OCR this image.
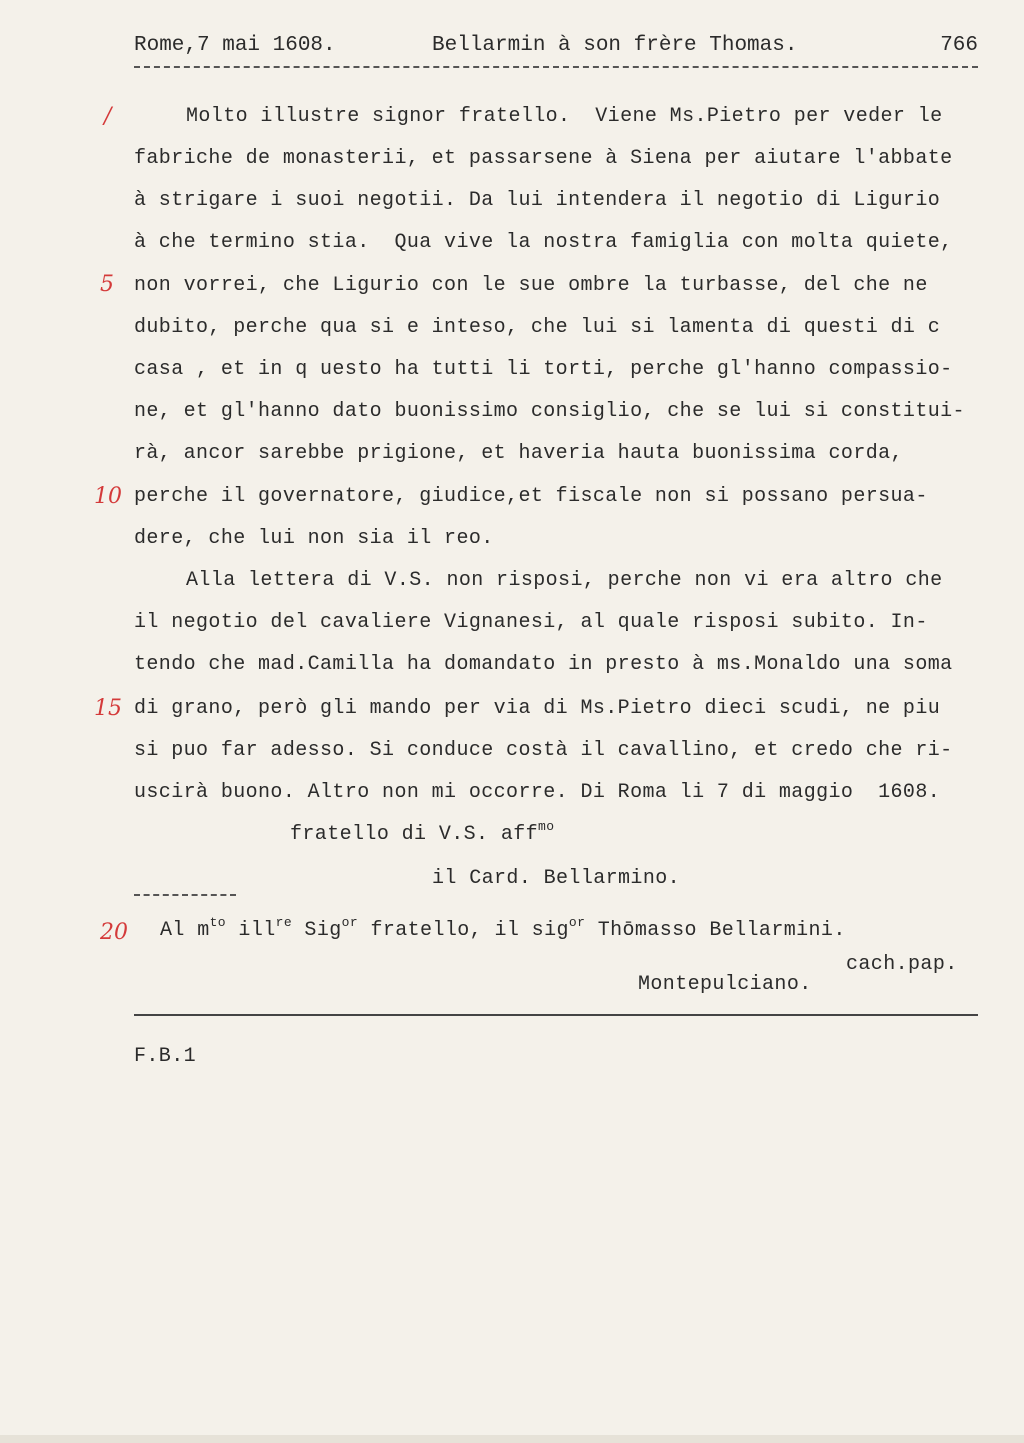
Rome,7 mai 1608.	Bellarmin à son frère Thomas.	766
/
5
10
15
20
Molto illustre signor fratello.  Viene Ms.Pietro per veder le
fabriche de monasterii, et passarsene à Siena per aiutare l'abbate
à strigare i suoi negotii. Da lui intendera il negotio di Ligurio
à che termino stia.  Qua vive la nostra famiglia con molta quiete,
non vorrei, che Ligurio con le sue ombre la turbasse, del che ne
dubito, perche qua si e inteso, che lui si lamenta di questi di c
casa , et in q uesto ha tutti li torti, perche gl'hanno compassio-
ne, et gl'hanno dato buonissimo consiglio, che se lui si constitui-
rà, ancor sarebbe prigione, et haveria hauta buonissima corda,
perche il governatore, giudice,et fiscale non si possano persua-
dere, che lui non sia il reo.
Alla lettera di V.S. non risposi, perche non vi era altro che
il negotio del cavaliere Vignanesi, al quale risposi subito. In-
tendo che mad.Camilla ha domandato in presto à ms.Monaldo una soma
di grano, però gli mando per via di Ms.Pietro dieci scudi, ne piu
si puo far adesso. Si conduce costà il cavallino, et credo che ri-
uscirà buono. Altro non mi occorre. Di Roma li 7 di maggio  1608.
fratello di V.S. aff$^{mo}$
il Card. Bellarmino.
Al $m^{to}$ ill$^{re}$ Sig$^{or}$ fratello, il sig$^{or}$ Thōmasso Bellarmini.
cach.pap.
Montepulciano.
F.B.1
